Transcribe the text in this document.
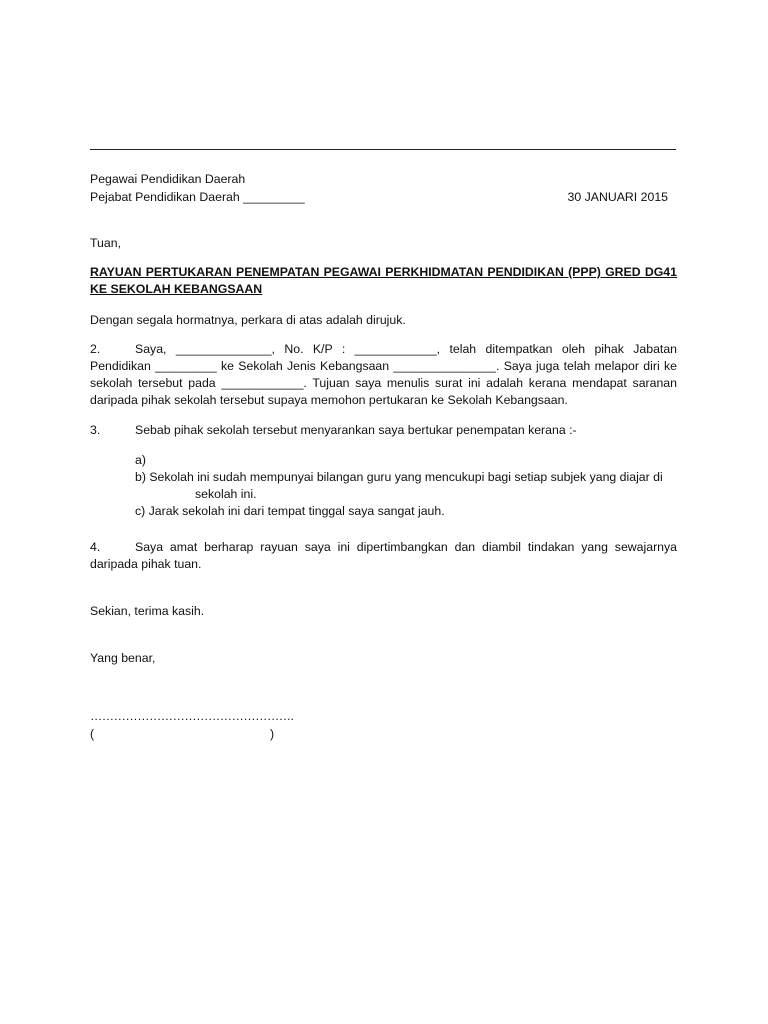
Pegawai Pendidikan Daerah
Pejabat Pendidikan Daerah _________	30 JANUARI 2015
Tuan,
RAYUAN PERTUKARAN PENEMPATAN PEGAWAI PERKHIDMATAN PENDIDIKAN (PPP) GRED DG41 KE SEKOLAH KEBANGSAAN
Dengan segala hormatnya, perkara di atas adalah dirujuk.
2.	Saya, ______________, No. K/P : ____________, telah ditempatkan oleh pihak Jabatan Pendidikan _________ ke Sekolah Jenis Kebangsaan _______________. Saya juga telah melapor diri ke sekolah tersebut pada ____________. Tujuan saya menulis surat ini adalah kerana mendapat saranan daripada pihak sekolah tersebut supaya memohon pertukaran ke Sekolah Kebangsaan.
3.	Sebab pihak sekolah tersebut menyarankan saya bertukar penempatan kerana :-
a)
b) Sekolah ini sudah mempunyai bilangan guru yang mencukupi bagi setiap subjek yang diajar di
sekolah ini.
c) Jarak sekolah ini dari tempat tinggal saya sangat jauh.
4.	Saya amat berharap rayuan saya ini dipertimbangkan dan diambil tindakan yang sewajarnya daripada pihak tuan.
Sekian, terima kasih.
Yang benar,
…………………………………………….
(	)
